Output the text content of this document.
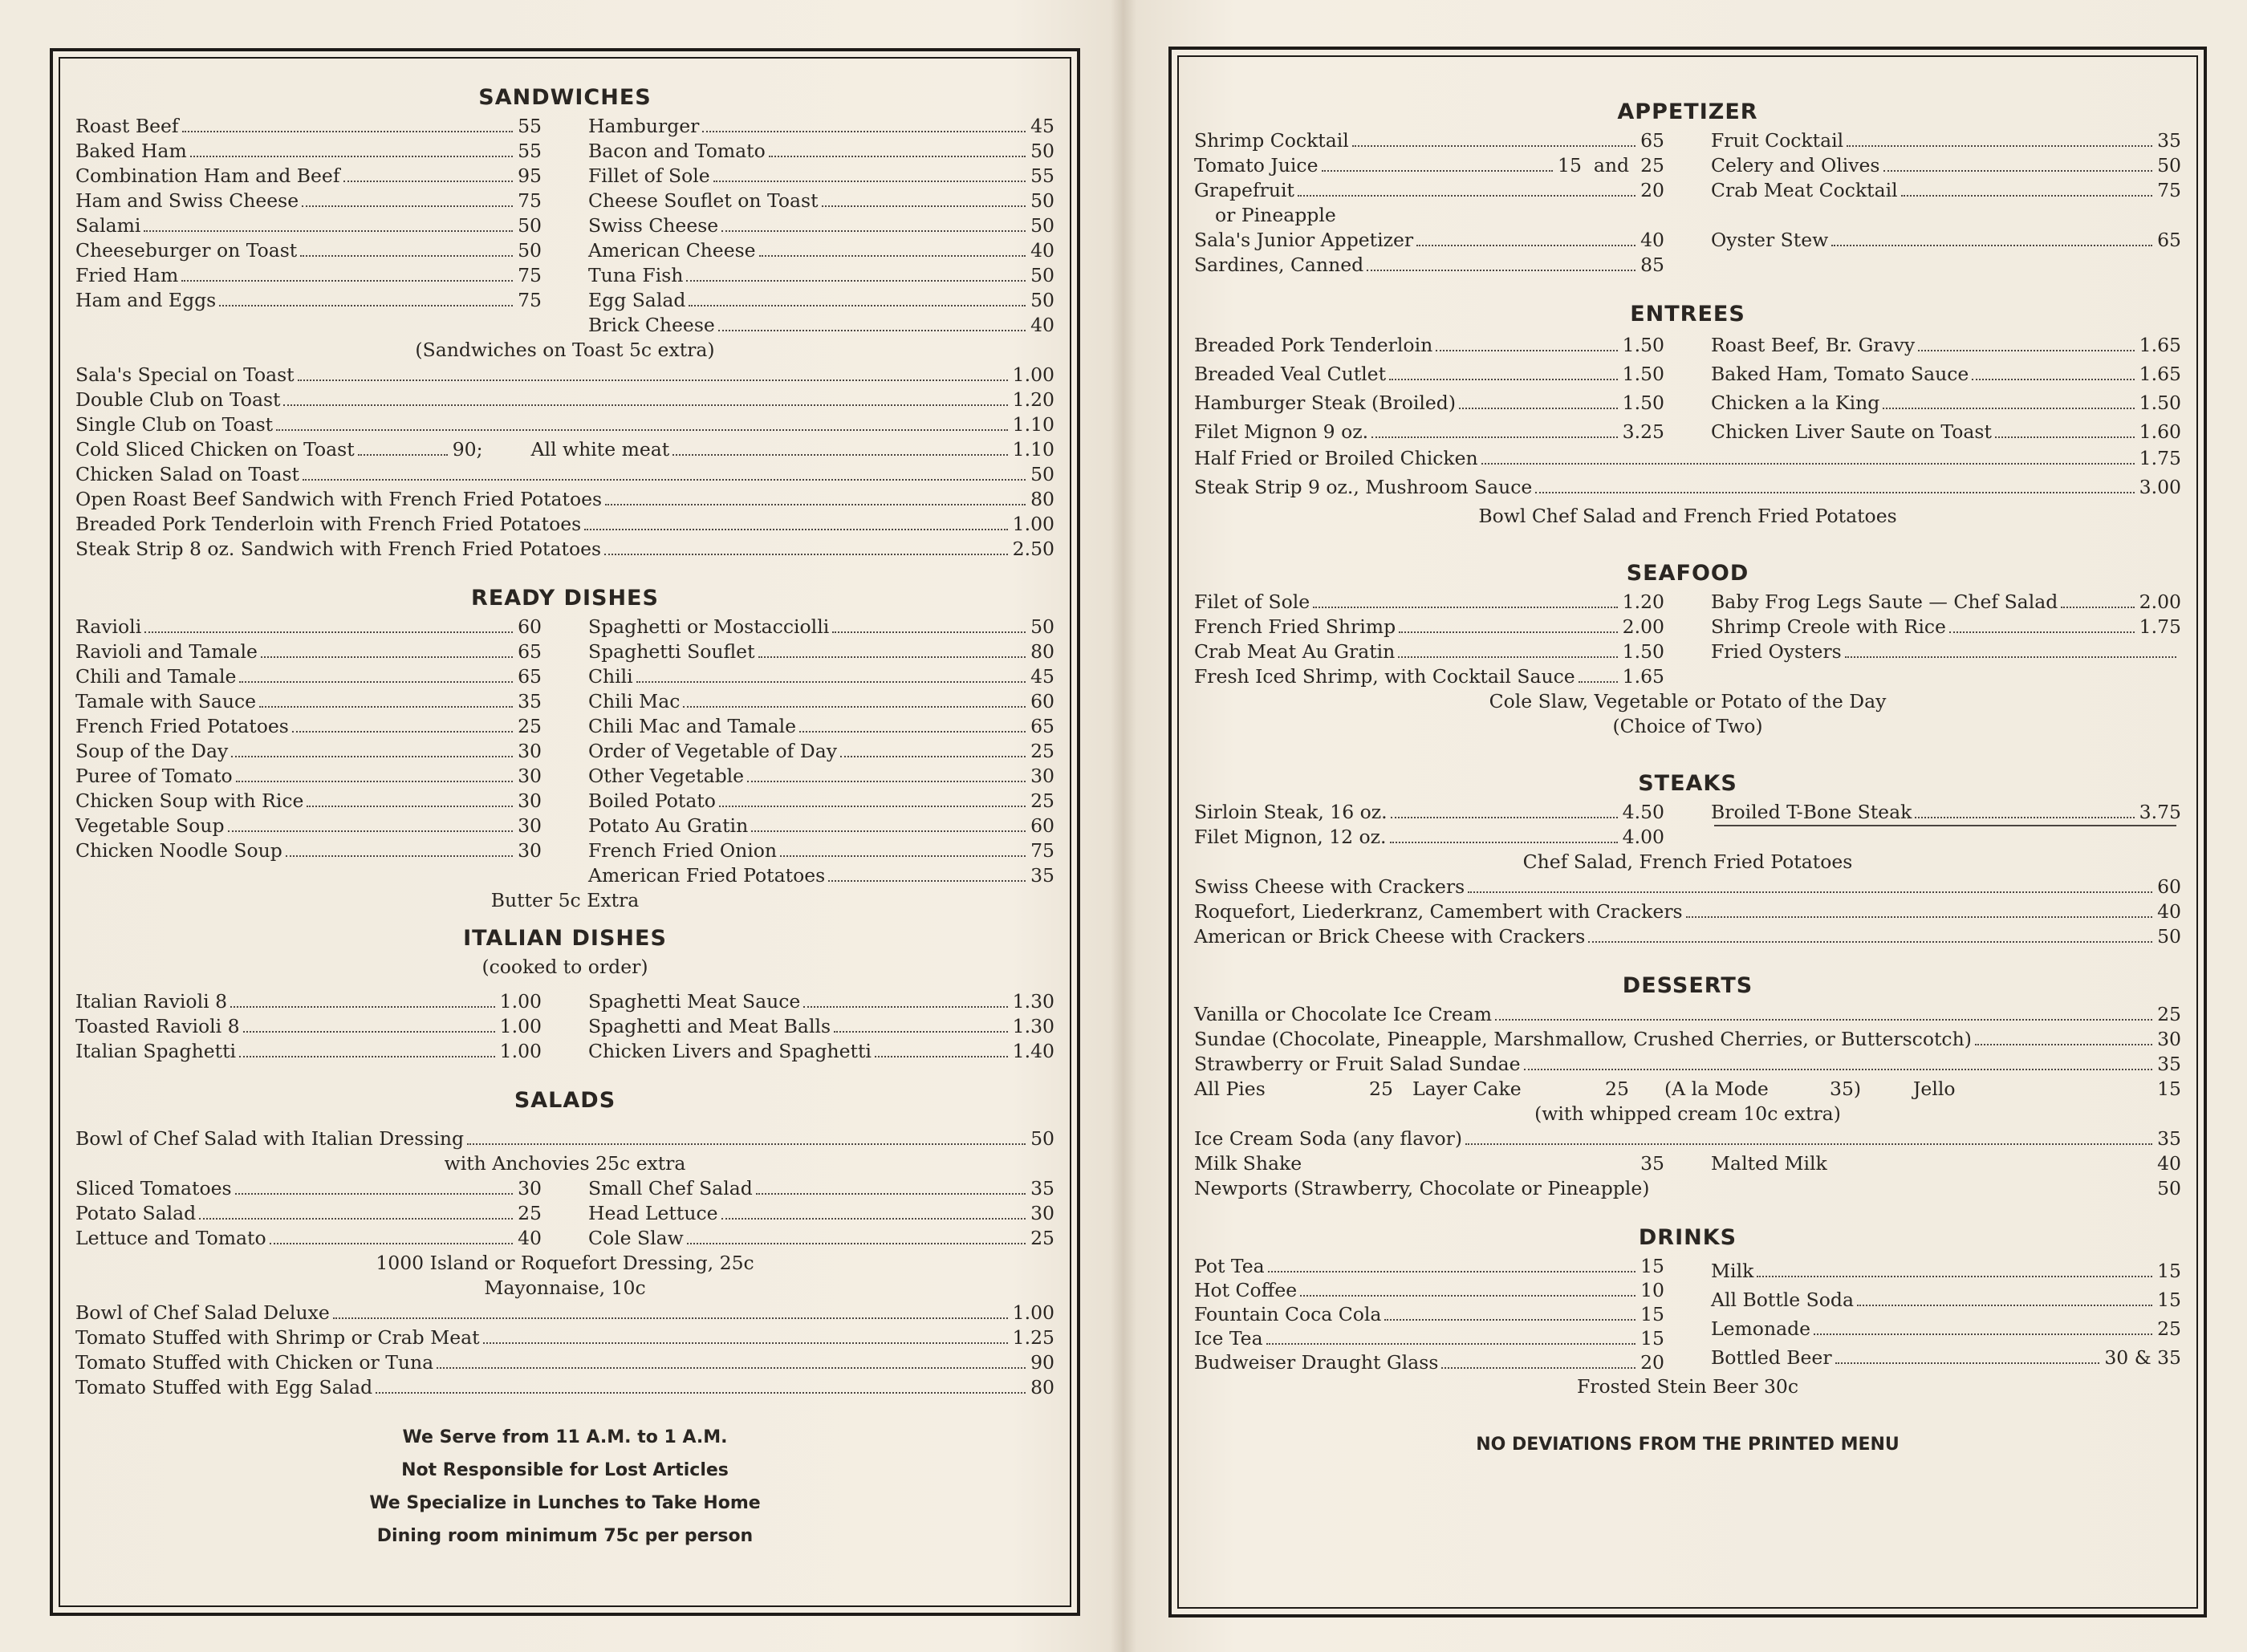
SANDWICHES
Roast Beef	55
Baked Ham	55
Combination Ham and Beef	95
Ham and Swiss Cheese	75
Salami	50
Cheeseburger on Toast	50
Fried Ham	75
Ham and Eggs	75
Hamburger	45
Bacon and Tomato	50
Fillet of Sole	55
Cheese Souflet on Toast	50
Swiss Cheese	50
American Cheese	40
Tuna Fish	50
Egg Salad	50
Brick Cheese	40
(Sandwiches on Toast 5c extra)
Sala's Special on Toast	1.00
Double Club on Toast	1.20
Single Club on Toast	1.10
Cold Sliced Chicken on Toast	90;	All white meat	1.10
Chicken Salad on Toast	50
Open Roast Beef Sandwich with French Fried Potatoes	80
Breaded Pork Tenderloin with French Fried Potatoes	1.00
Steak Strip 8 oz. Sandwich with French Fried Potatoes	2.50
READY DISHES
Ravioli	60
Ravioli and Tamale	65
Chili and Tamale	65
Tamale with Sauce	35
French Fried Potatoes	25
Soup of the Day	30
Puree of Tomato	30
Chicken Soup with Rice	30
Vegetable Soup	30
Chicken Noodle Soup	30
Spaghetti or Mostacciolli	50
Spaghetti Souflet	80
Chili	45
Chili Mac	60
Chili Mac and Tamale	65
Order of Vegetable of Day	25
Other Vegetable	30
Boiled Potato	25
Potato Au Gratin	60
French Fried Onion	75
American Fried Potatoes	35
Butter 5c Extra
ITALIAN DISHES
(cooked to order)
Italian Ravioli 8	1.00
Toasted Ravioli 8	1.00
Italian Spaghetti	1.00
Spaghetti Meat Sauce	1.30
Spaghetti and Meat Balls	1.30
Chicken Livers and Spaghetti	1.40
SALADS
Bowl of Chef Salad with Italian Dressing	50
with Anchovies 25c extra
Sliced Tomatoes	30
Potato Salad	25
Lettuce and Tomato	40
Small Chef Salad	35
Head Lettuce	30
Cole Slaw	25
1000 Island or Roquefort Dressing, 25c
Mayonnaise, 10c
Bowl of Chef Salad Deluxe	1.00
Tomato Stuffed with Shrimp or Crab Meat	1.25
Tomato Stuffed with Chicken or Tuna	90
Tomato Stuffed with Egg Salad	80
We Serve from 11 A.M. to 1 A.M.
Not Responsible for Lost Articles
We Specialize in Lunches to Take Home
Dining room minimum 75c per person
APPETIZER
Shrimp Cocktail	65
Tomato Juice	15  and 25
Grapefruit	20
or Pineapple
Sala's Junior Appetizer	40
Sardines, Canned	85
Fruit Cocktail	35
Celery and Olives	50
Crab Meat Cocktail	75
Oyster Stew	65
ENTREES
Breaded Pork Tenderloin	1.50
Breaded Veal Cutlet	1.50
Hamburger Steak (Broiled)	1.50
Filet Mignon 9 oz.	3.25
Roast Beef, Br. Gravy	1.65
Baked Ham, Tomato Sauce	1.65
Chicken a la King	1.50
Chicken Liver Saute on Toast	1.60
Half Fried or Broiled Chicken	1.75
Steak Strip 9 oz., Mushroom Sauce	3.00
Bowl Chef Salad and French Fried Potatoes
SEAFOOD
Filet of Sole	1.20
French Fried Shrimp	2.00
Crab Meat Au Gratin	1.50
Fresh Iced Shrimp, with Cocktail Sauce	1.65
Baby Frog Legs Saute — Chef Salad	2.00
Shrimp Creole with Rice	1.75
Fried Oysters
Cole Slaw, Vegetable or Potato of the Day
(Choice of Two)
STEAKS
Sirloin Steak, 16 oz.	4.50
Filet Mignon, 12 oz.	4.00
Broiled T-Bone Steak	3.75
Chef Salad, French Fried Potatoes
Swiss Cheese with Crackers	60
Roquefort, Liederkranz, Camembert with Crackers	40
American or Brick Cheese with Crackers	50
DESSERTS
Vanilla or Chocolate Ice Cream	25
Sundae (Chocolate, Pineapple, Marshmallow, Crushed Cherries, or Butterscotch)	30
Strawberry or Fruit Salad Sundae	35
All Pies	25	Layer Cake	25	(A la Mode	35)	Jello	15
(with whipped cream 10c extra)
Ice Cream Soda (any flavor)	35
Milk Shake	35 Malted Milk	40
Newports (Strawberry, Chocolate or Pineapple)	50
DRINKS
Pot Tea	15
Hot Coffee	10
Fountain Coca Cola	15
Ice Tea	15
Budweiser Draught Glass	20
Milk	15
All Bottle Soda	15
Lemonade	25
Bottled Beer	30 & 35
Frosted Stein Beer 30c
NO DEVIATIONS FROM THE PRINTED MENU
